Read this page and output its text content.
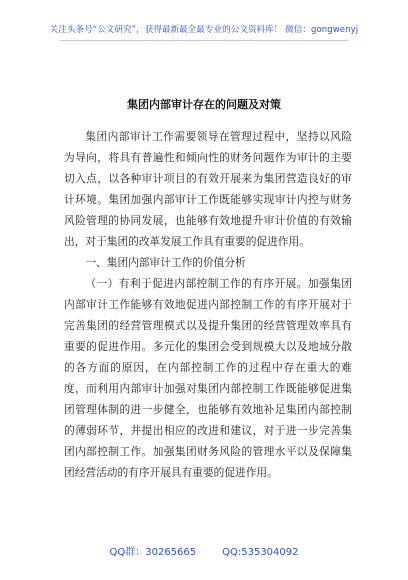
关注头条号“公文研究”，获得最新最全最专业的公文资料库！ 微信：gongwenyj
集团内部审计存在的问题及对策

集团内部审计工作需要领导在管理过程中，坚持以风险为导向，将具有普遍性和倾向性的财务问题作为审计的主要切入点，以各种审计项目的有效开展来为集团营造良好的审计环境。集团加强内部审计工作既能够实现审计内控与财务风险管理的协同发展，也能够有效地提升审计价值的有效输出，对于集团的改革发展工作具有重要的促进作用。

一、集团内部审计工作的价值分析

（一）有利于促进内部控制工作的有序开展。加强集团内部审计工作能够有效地促进内部控制工作的有序开展对于完善集团的经营管理模式以及提升集团的经营管理效率具有重要的促进作用。多元化的集团会受到规模大以及地域分散的各方面的原因，在内部控制工作的过程中存在重大的难度，而利用内部审计加强对集团内部控制工作既能够促进集团管理体制的进一步健全，也能够有效地补足集团内部控制的薄弱环节，并提出相应的改进和建议，对于进一步完善集团内部控制工作。加强集团财务风险的管理水平以及保障集团经营活动的有序开展具有重要的促进作用。

QQ群：30265665	QQ:535304092
